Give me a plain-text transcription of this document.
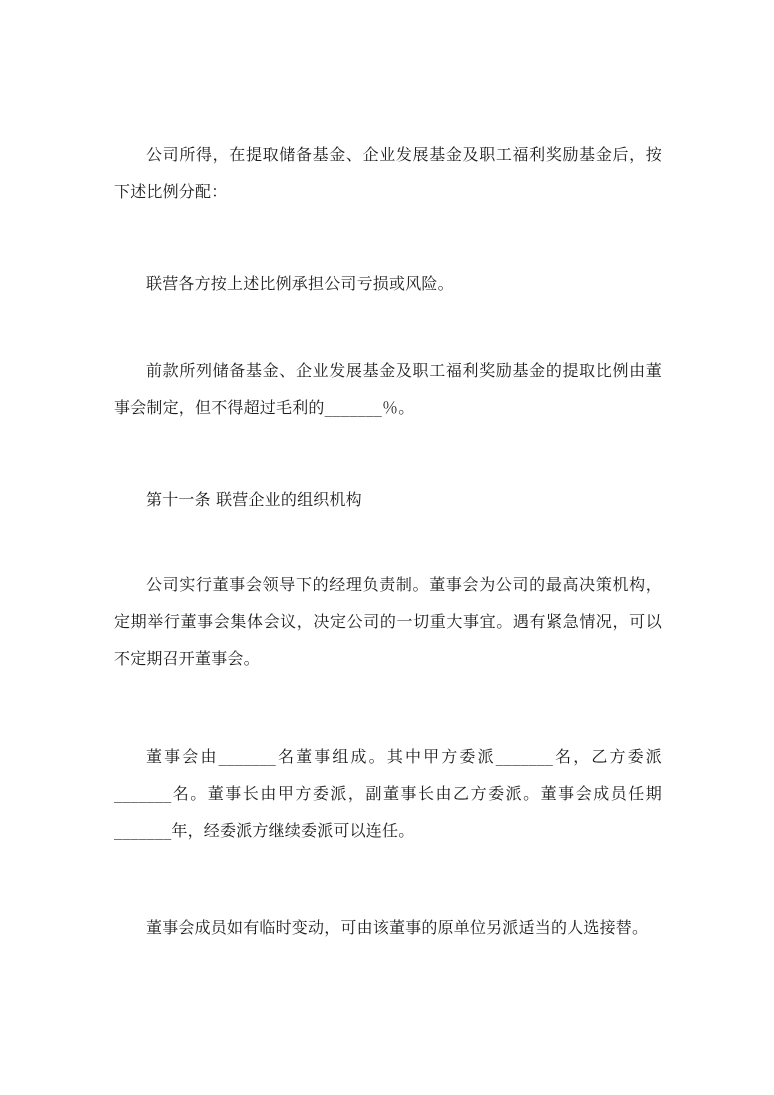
公司所得，在提取储备基金、企业发展基金及职工福利奖励基金后，按下述比例分配：

联营各方按上述比例承担公司亏损或风险。

前款所列储备基金、企业发展基金及职工福利奖励基金的提取比例由董事会制定，但不得超过毛利的_______％。

第十一条 联营企业的组织机构

公司实行董事会领导下的经理负责制。董事会为公司的最高决策机构，定期举行董事会集体会议，决定公司的一切重大事宜。遇有紧急情况，可以不定期召开董事会。

董事会由_______名董事组成。其中甲方委派_______名，乙方委派_______名。董事长由甲方委派，副董事长由乙方委派。董事会成员任期_______年，经委派方继续委派可以连任。

董事会成员如有临时变动，可由该董事的原单位另派适当的人选接替。
